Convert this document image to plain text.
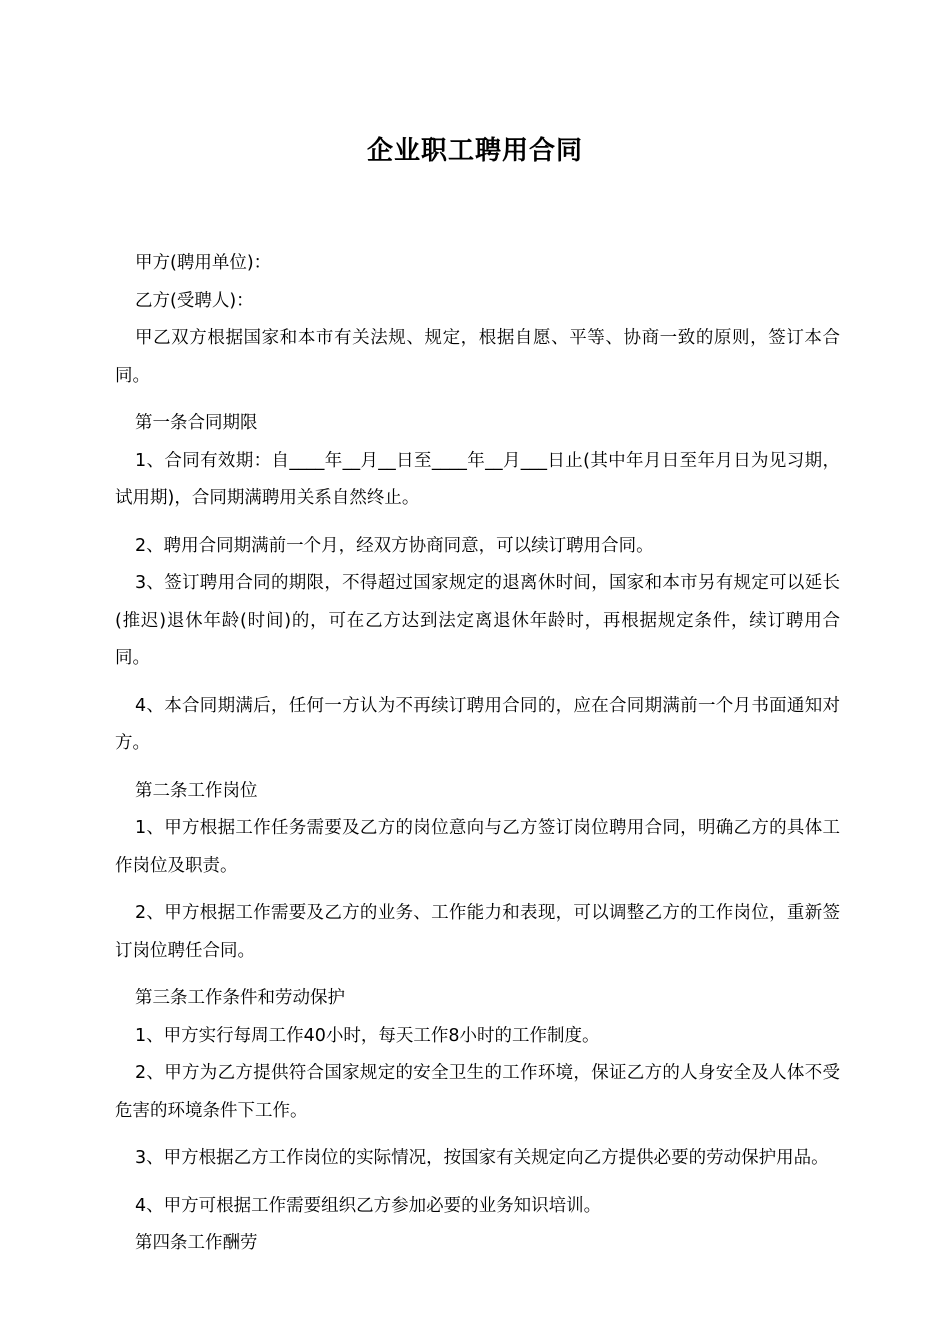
企业职工聘用合同

甲方(聘用单位)：

乙方(受聘人)：

甲乙双方根据国家和本市有关法规、规定，根据自愿、平等、协商一致的原则，签订本合同。

第一条合同期限

1、合同有效期：自____年__月__日至____年__月___日止(其中年月日至年月日为见习期，试用期)，合同期满聘用关系自然终止。

2、聘用合同期满前一个月，经双方协商同意，可以续订聘用合同。

3、签订聘用合同的期限，不得超过国家规定的退离休时间，国家和本市另有规定可以延长(推迟)退休年龄(时间)的，可在乙方达到法定离退休年龄时，再根据规定条件，续订聘用合同。

4、本合同期满后，任何一方认为不再续订聘用合同的，应在合同期满前一个月书面通知对方。

第二条工作岗位

1、甲方根据工作任务需要及乙方的岗位意向与乙方签订岗位聘用合同，明确乙方的具体工作岗位及职责。

2、甲方根据工作需要及乙方的业务、工作能力和表现，可以调整乙方的工作岗位，重新签订岗位聘任合同。

第三条工作条件和劳动保护

1、甲方实行每周工作40小时，每天工作8小时的工作制度。

2、甲方为乙方提供符合国家规定的安全卫生的工作环境，保证乙方的人身安全及人体不受危害的环境条件下工作。

3、甲方根据乙方工作岗位的实际情况，按国家有关规定向乙方提供必要的劳动保护用品。

4、甲方可根据工作需要组织乙方参加必要的业务知识培训。

第四条工作酬劳
